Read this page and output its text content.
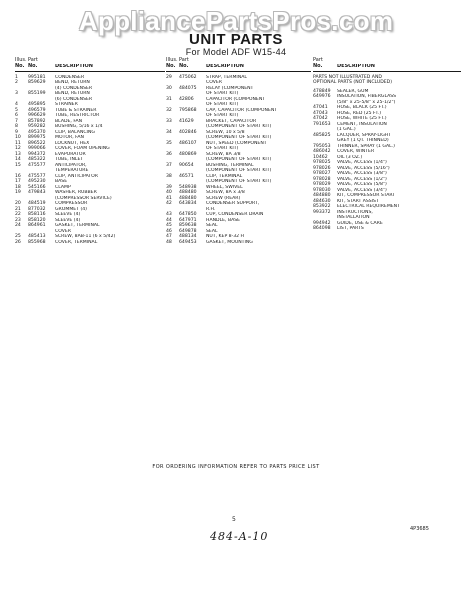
AppliancePartsPros.com
UNIT PARTS
For Model ADF W15-44
Illus. Part
No. No.	DESCRIPTION
1	995181	CONDENSER
2	859629	BEND, RETURN
(4) CONDENSER
3	855199	BEND, RETURN
(6) CONDENSER
4	495895	STRAINER
5	496579	TUBE & STRAINER
6	996629	TUBE, RESTRICTOR
7	857892	BLADE, FAN
8	959282	BUSHING, 5/16 x 1/4
9	495370	CLIP, BALANCING
10	899975	MOTOR, FAN
11	896522	LOCKNUT, HEX
12	999066	COVER, FOAM OPENING
13	994372	EVAPORATOR
14	485322	TUBE, INLET
15	475577	ANTICIPATOR,
TEMPERATURE
16	475577	CLIP, ANTICIPATOR
17	495230	BASE
18	545166	CLAMP
19	479843	WASHER, RUBBER
(COMPRESSOR SERVICE)
20	484519	COMPRESSOR
21	877032	GROMMET (4)
22	858116	SLEEVE (4)
23	858120	SLEEVE (4)
24	864961	GASKET, TERMINAL
COVER
25	485413	SCREW, 8AB-11 (6 x 5/42)
26	855968	COVER, TERMINAL
Illus. Part
No. No.	DESCRIPTION
29	475062	STRAP, TERMINAL
COVER
30	484075	RELAY (COMPONENT
OF START KIT)
31	42806	CAPACITOR (COMPONENT
OF START KIT)
32	795868	CAP, CAPACITOR (COMPONENT
OF START KIT)
33	41629	BRACKET, CAPACITOR
(COMPONENT OF START KIT)
34	402846	SCREW, 10 x 5/8
(COMPONENT OF START KIT)
35	486107	NUT, SPEED (COMPONENT
OF START KIT)
36	480869	SCREW, 8A 3/8
(COMPONENT OF START KIT)
37	90654	BUSHING, TERMINAL
(COMPONENT OF START KIT)
38	46571	CLIP, TERMINAL
(COMPONENT OF START KIT)
39	548938	WHEEL, SWIVEL
40	488480	SCREW, 8A x 3/8
41	488480	SCREW (REAR)
42	643834	CONDENSER SUPPORT,
R.H.
43	647850	CUP, CONDENSER DRAIN
44	647971	HANDLE, BASE
45	859638	SEAL
46	649878	SEAL
47	488134	NUT, KEP 8-32 H
48	649453	GASKET, MOUNTING
Part
No.	DESCRIPTION
PARTS NOT ILLUSTRATED AND
OPTIONAL PARTS (NOT INCLUDED)
478849	SEALER, GUM
649976	INSULATION, FIBERGLASS
(5/8" x 25-5/8" x 25-1/2")
47041	HOSE, BLACK (25 FT.)
47043	HOSE, RED (25 FT.)
47042	HOSE, WHITE (25 FT.)
791653	CEMENT, INSULATION
(1 GAL.)
485825	LACQUER, SPRAY-LIGHT
GREY (1 QT. THINNED)
795053	THINNER, SPRAY (1 GAL.)
486042	COVER, WINTER
10462	OIL (3 OZ.)
978025	VALVE, ACCESS (1/4")
978026	VALVE, ACCESS (5/16")
978027	VALVE, ACCESS (3/8")
978028	VALVE, ACCESS (1/2")
978029	VALVE, ACCESS (5/8")
978030	VALVE, ACCESS (3/4")
484880	KIT, COMPRESSOR START
484630	KIT, START ASSIST
853922	ELECTRICAL REQUIREMENT
993372	INSTRUCTIONS,
INSTALLATION
994942	GUIDE, USE & CARE
864098	LIST, PARTS
FOR ORDERING INFORMATION REFER TO PARTS PRICE LIST
5
4P3685
484-A-10
